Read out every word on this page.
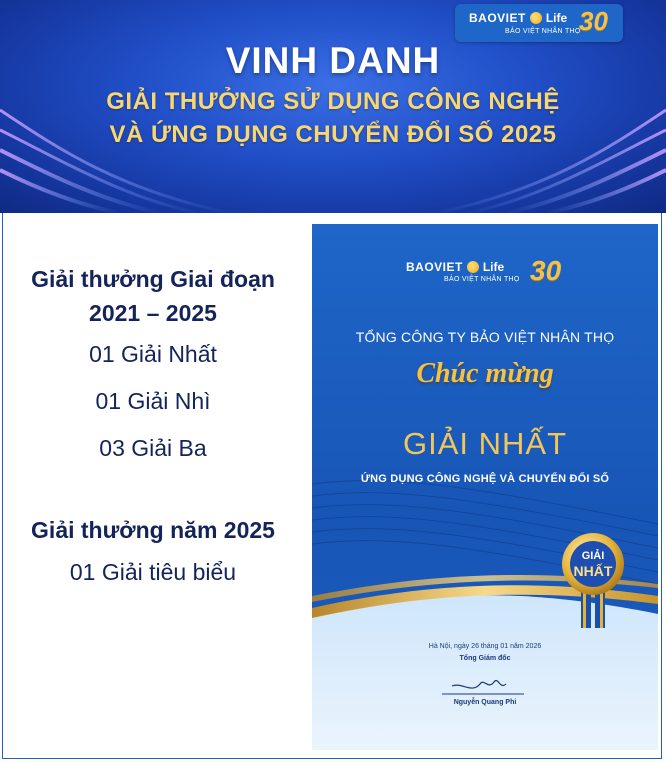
BAOVIET Life
BẢO VIỆT NHÂN THỌ
30
VINH DANH
GIẢI THƯỞNG SỬ DỤNG CÔNG NGHỆ
VÀ ỨNG DỤNG CHUYỂN ĐỔI SỐ 2025
Giải thưởng Giai đoạn
2021 – 2025
01 Giải Nhất
01 Giải Nhì
03 Giải Ba
Giải thưởng năm 2025
01 Giải tiêu biểu
BAOVIET Life
BẢO VIỆT NHÂN THỌ 30
TỔNG CÔNG TY BẢO VIỆT NHÂN THỌ
Chúc mừng
GIẢI NHẤT
ỨNG DỤNG CÔNG NGHỆ VÀ CHUYỂN ĐỔI SỐ
GIẢI
NHẤT
Hà Nội, ngày 26 tháng 01 năm 2026
Tổng Giám đốc
Nguyễn Quang Phi
